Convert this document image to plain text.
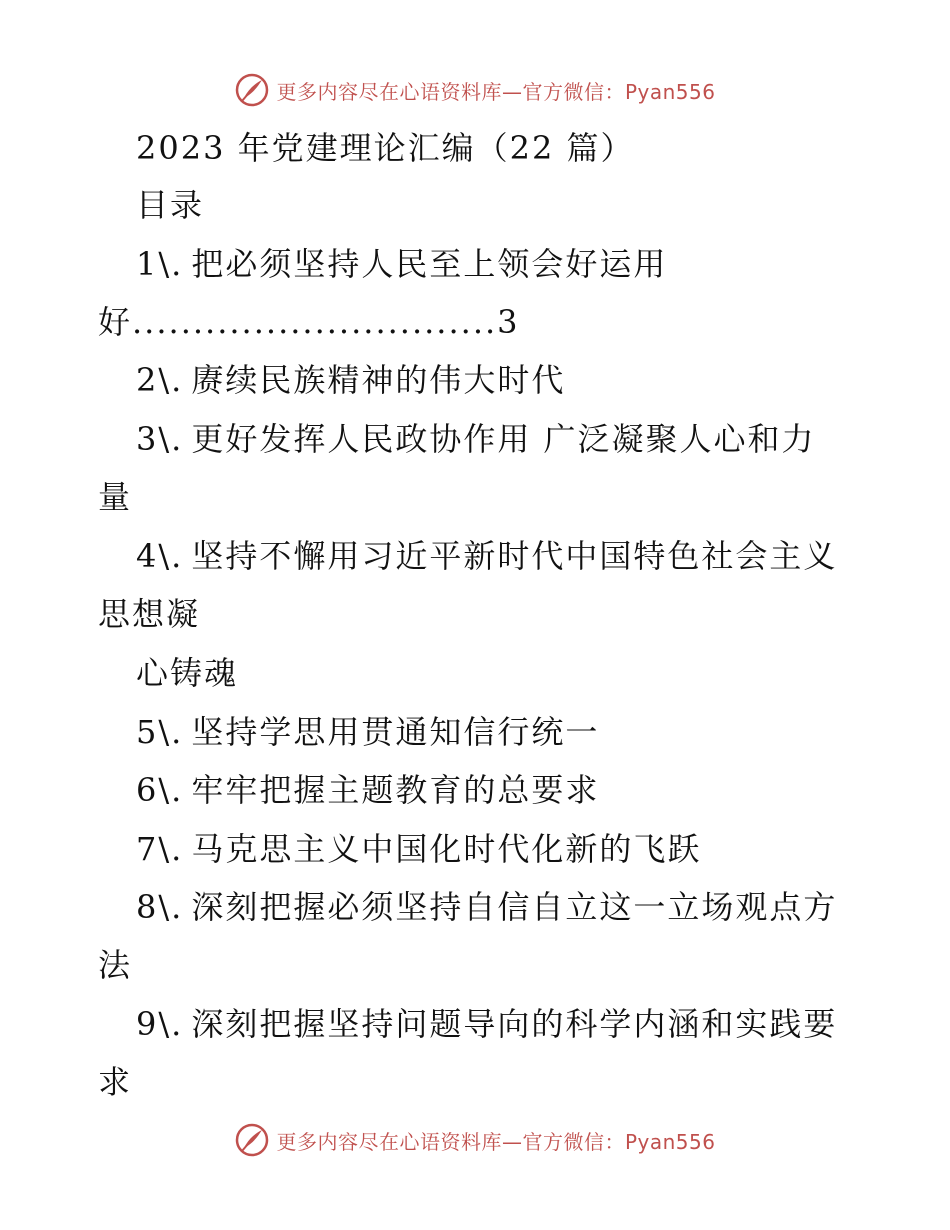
更多内容尽在心语资料库—官方微信：Pyan556
2023 年党建理论汇编（22 篇）
目录
1\. 把必须坚持人民至上领会好运用
好..............................3
2\. 赓续民族精神的伟大时代
3\. 更好发挥人民政协作用 广泛凝聚人心和力
量
4\. 坚持不懈用习近平新时代中国特色社会主义
思想凝
心铸魂
5\. 坚持学思用贯通知信行统一
6\. 牢牢把握主题教育的总要求
7\. 马克思主义中国化时代化新的飞跃
8\. 深刻把握必须坚持自信自立这一立场观点方
法
9\. 深刻把握坚持问题导向的科学内涵和实践要
求
更多内容尽在心语资料库—官方微信：Pyan556
